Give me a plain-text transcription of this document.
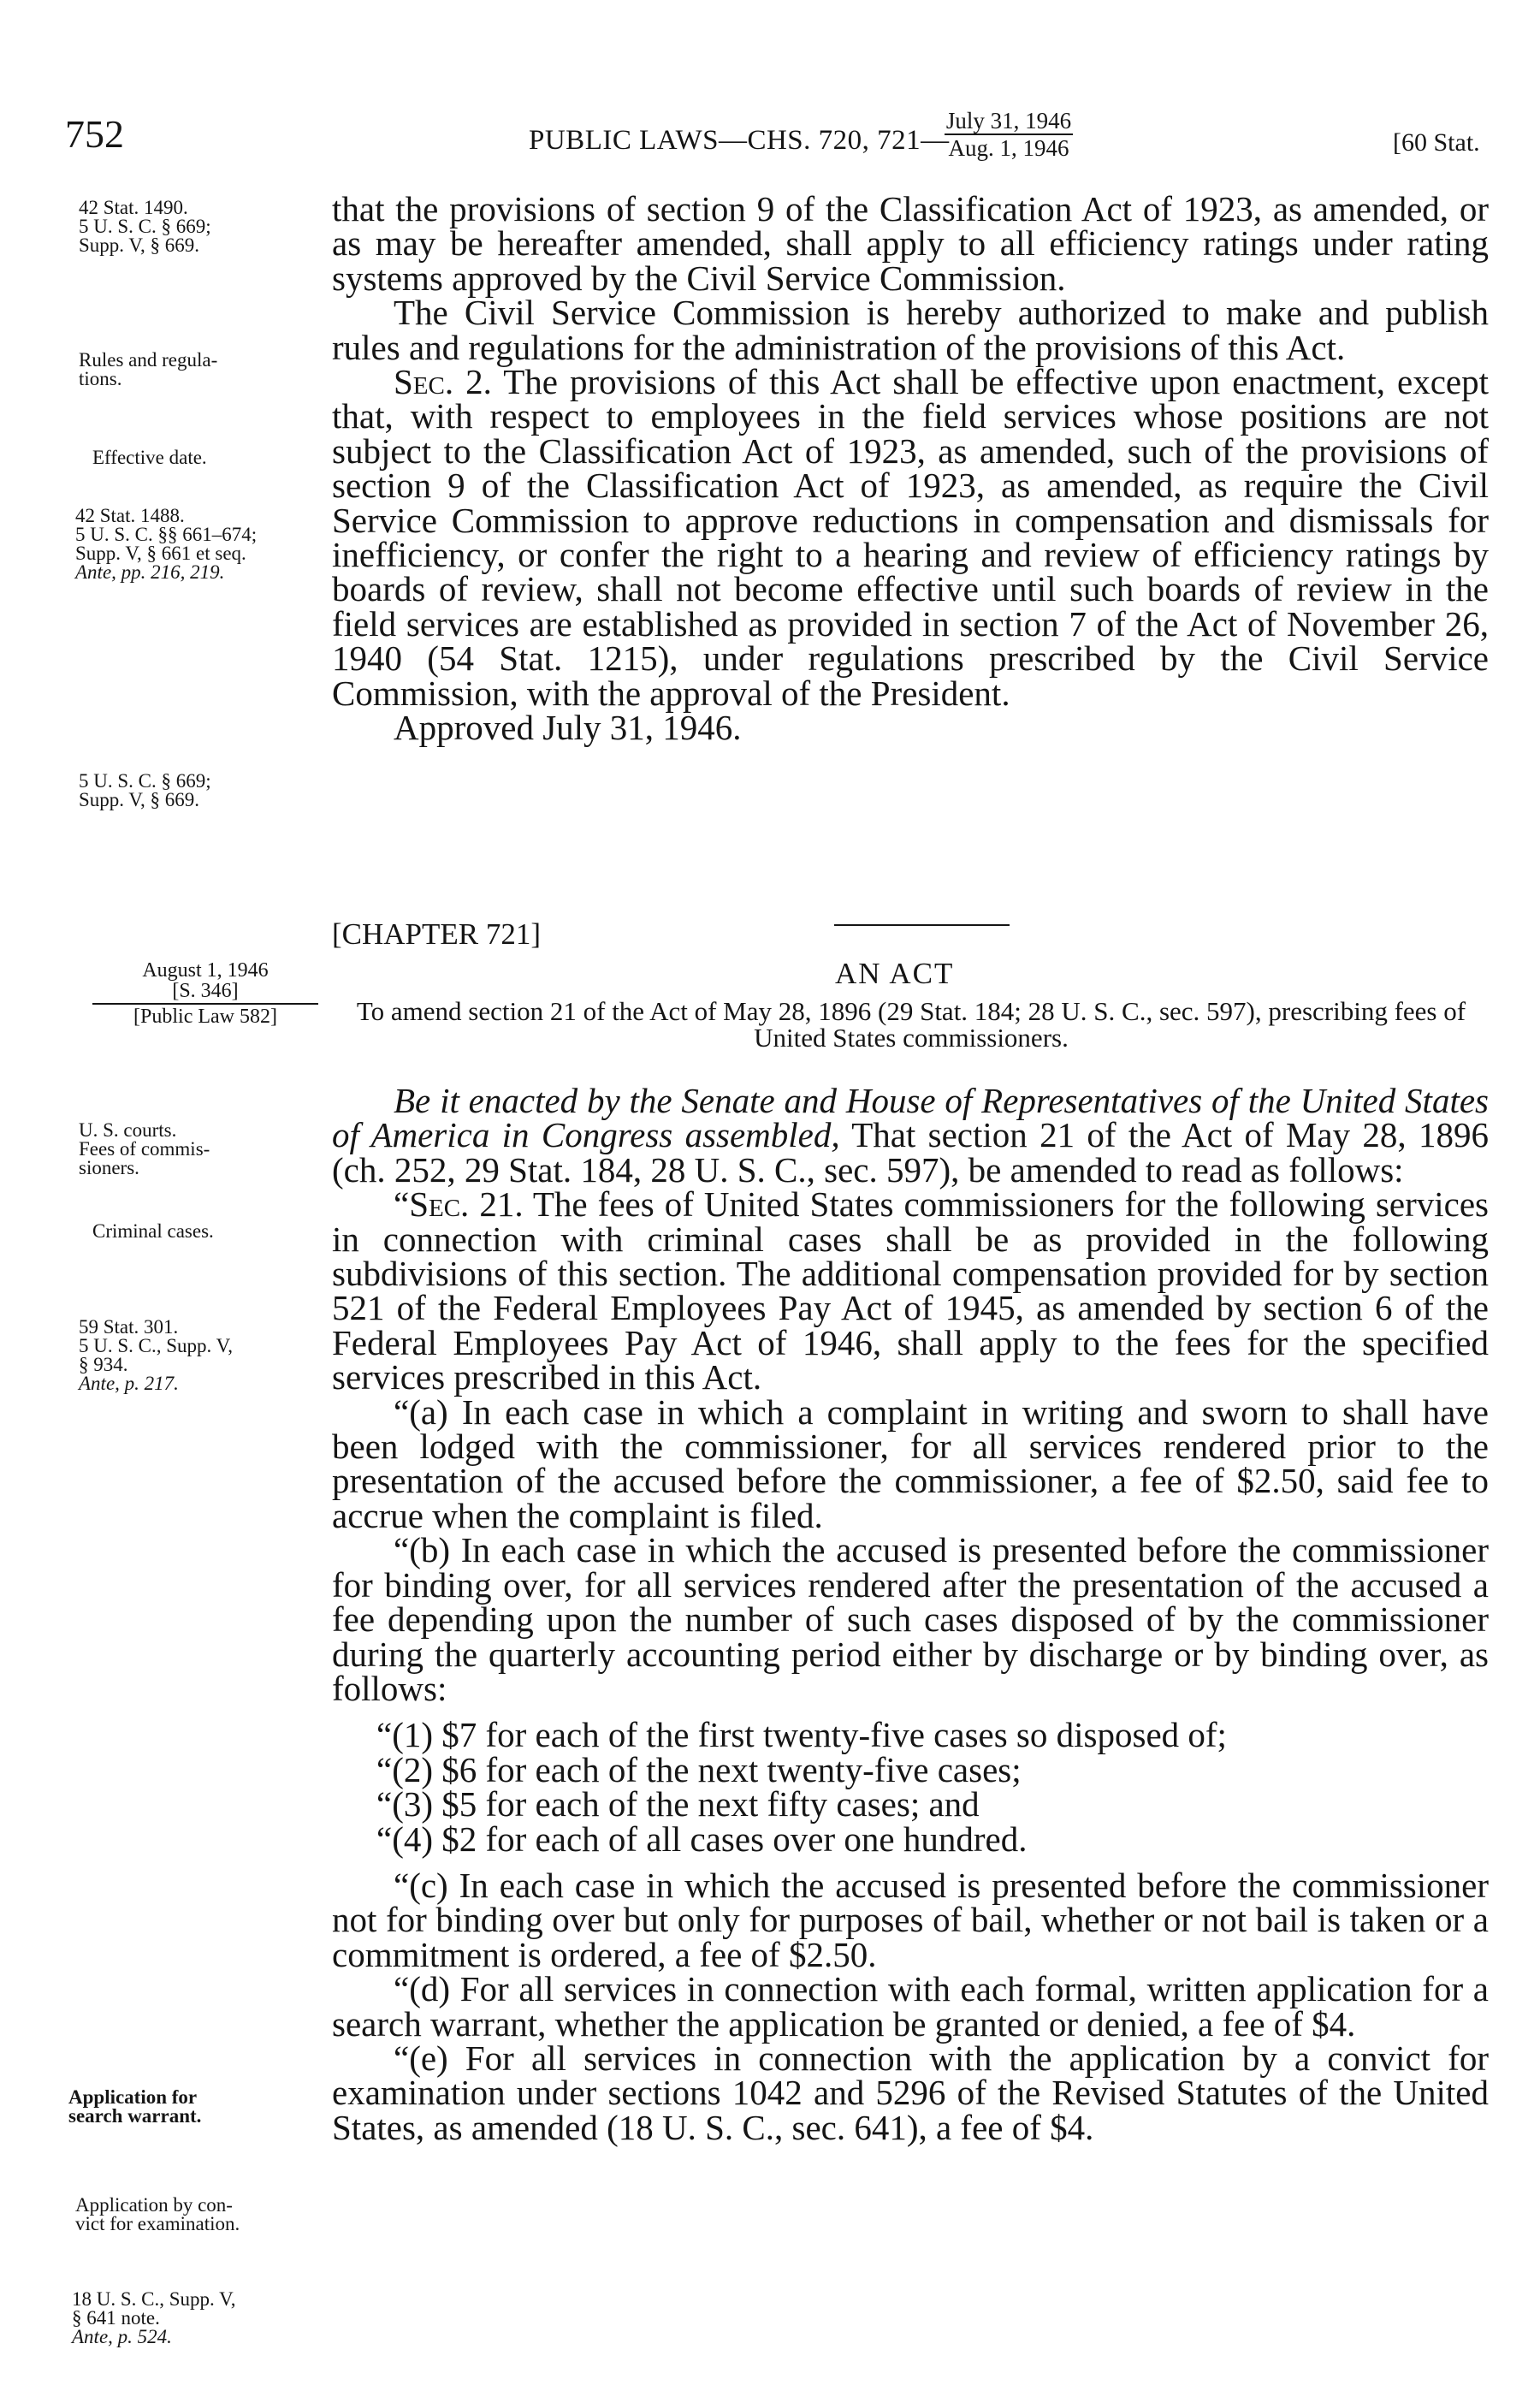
752	PUBLIC LAWS—CHS. 720, 721—
July 31, 1946
Aug. 1, 1946	[60 Stat.
42 Stat. 1490.
5 U. S. C. § 669;
Supp. V, § 669.
Rules and regula-
tions.
Effective date.
42 Stat. 1488.
5 U. S. C. §§ 661–674;
Supp. V, § 661 et seq.
Ante, pp. 216, 219.
5 U. S. C. § 669;
Supp. V, § 669.
August 1, 1946
[S. 346]
[Public Law 582]
U. S. courts.
Fees of commis-
sioners.
Criminal cases.
59 Stat. 301.
5 U. S. C., Supp. V,
§ 934.
Ante, p. 217.
Application for
search warrant.
Application by con-
vict for examination.
18 U. S. C., Supp. V,
§ 641 note.
Ante, p. 524.

that the provisions of section 9 of the Classification Act of 1923, as amended, or as may be hereafter amended, shall apply to all efficiency ratings under rating systems approved by the Civil Service Commission.

The Civil Service Commission is hereby authorized to make and publish rules and regulations for the administration of the provisions of this Act.

Sec. 2. The provisions of this Act shall be effective upon enactment, except that, with respect to employees in the field services whose positions are not subject to the Classification Act of 1923, as amended, such of the provisions of section 9 of the Classification Act of 1923, as amended, as require the Civil Service Commission to approve reductions in compensation and dismissals for inefficiency, or confer the right to a hearing and review of efficiency ratings by boards of review, shall not become effective until such boards of review in the field services are established as provided in section 7 of the Act of November 26, 1940 (54 Stat. 1215), under regulations prescribed by the Civil Service Commission, with the approval of the President.

Approved July 31, 1946.

[CHAPTER 721]
AN ACT
To amend section 21 of the Act of May 28, 1896 (29 Stat. 184; 28 U. S. C., sec. 597), prescribing fees of United States commissioners.

Be it enacted by the Senate and House of Representatives of the United States of America in Congress assembled, That section 21 of the Act of May 28, 1896 (ch. 252, 29 Stat. 184, 28 U. S. C., sec. 597), be amended to read as follows:

“Sec. 21. The fees of United States commissioners for the following services in connection with criminal cases shall be as provided in the following subdivisions of this section. The additional compensation provided for by section 521 of the Federal Employees Pay Act of 1945, as amended by section 6 of the Federal Employees Pay Act of 1946, shall apply to the fees for the specified services prescribed in this Act.

“(a) In each case in which a complaint in writing and sworn to shall have been lodged with the commissioner, for all services rendered prior to the presentation of the accused before the commissioner, a fee of $2.50, said fee to accrue when the complaint is filed.

“(b) In each case in which the accused is presented before the commissioner for binding over, for all services rendered after the presentation of the accused a fee depending upon the number of such cases disposed of by the commissioner during the quarterly accounting period either by discharge or by binding over, as follows:

“(1) $7 for each of the first twenty-five cases so disposed of;

“(2) $6 for each of the next twenty-five cases;

“(3) $5 for each of the next fifty cases; and

“(4) $2 for each of all cases over one hundred.

“(c) In each case in which the accused is presented before the commissioner not for binding over but only for purposes of bail, whether or not bail is taken or a commitment is ordered, a fee of $2.50.

“(d) For all services in connection with each formal, written application for a search warrant, whether the application be granted or denied, a fee of $4.

“(e) For all services in connection with the application by a convict for examination under sections 1042 and 5296 of the Revised Statutes of the United States, as amended (18 U. S. C., sec. 641), a fee of $4.
